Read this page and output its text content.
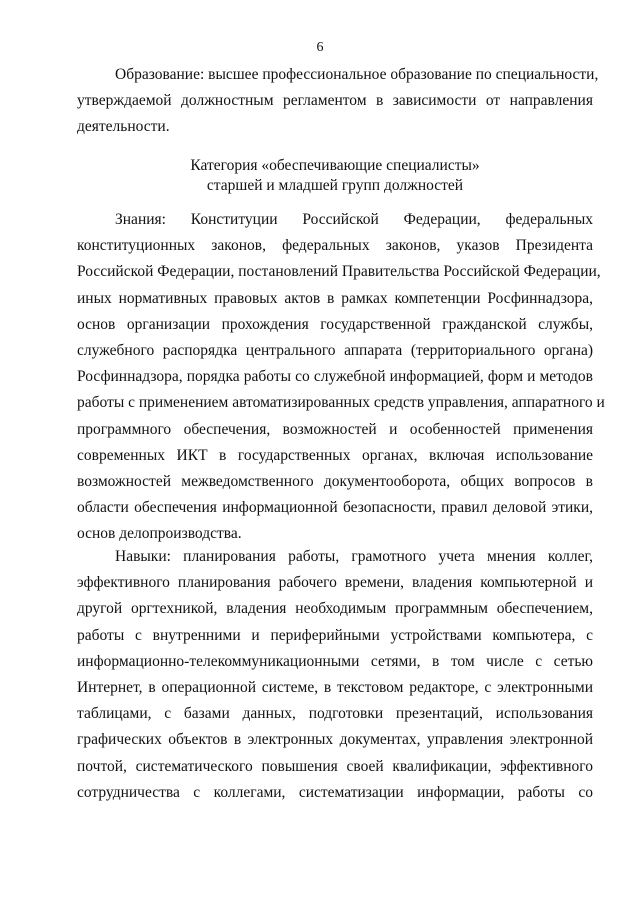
6
Образование: высшее профессиональное образование по специальности,
утверждаемой должностным регламентом в зависимости от направления
деятельности.
Категория «обеспечивающие специалисты»
старшей и младшей групп должностей
Знания: Конституции Российской Федерации, федеральных
конституционных законов, федеральных законов, указов Президента
Российской Федерации, постановлений Правительства Российской Федерации,
иных нормативных правовых актов в рамках компетенции Росфиннадзора,
основ организации прохождения государственной гражданской службы,
служебного распорядка центрального аппарата (территориального органа)
Росфиннадзора, порядка работы со служебной информацией, форм и методов
работы с применением автоматизированных средств управления, аппаратного и
программного обеспечения, возможностей и особенностей применения
современных ИКТ в государственных органах, включая использование
возможностей межведомственного документооборота, общих вопросов в
области обеспечения информационной безопасности, правил деловой этики,
основ делопроизводства.
Навыки: планирования работы, грамотного учета мнения коллег,
эффективного планирования рабочего времени, владения компьютерной и
другой оргтехникой, владения необходимым программным обеспечением,
работы с внутренними и периферийными устройствами компьютера, с
информационно-телекоммуникационными сетями, в том числе с сетью
Интернет, в операционной системе, в текстовом редакторе, с электронными
таблицами, с базами данных, подготовки презентаций, использования
графических объектов в электронных документах, управления электронной
почтой, систематического повышения своей квалификации, эффективного
сотрудничества с коллегами, систематизации информации, работы со
